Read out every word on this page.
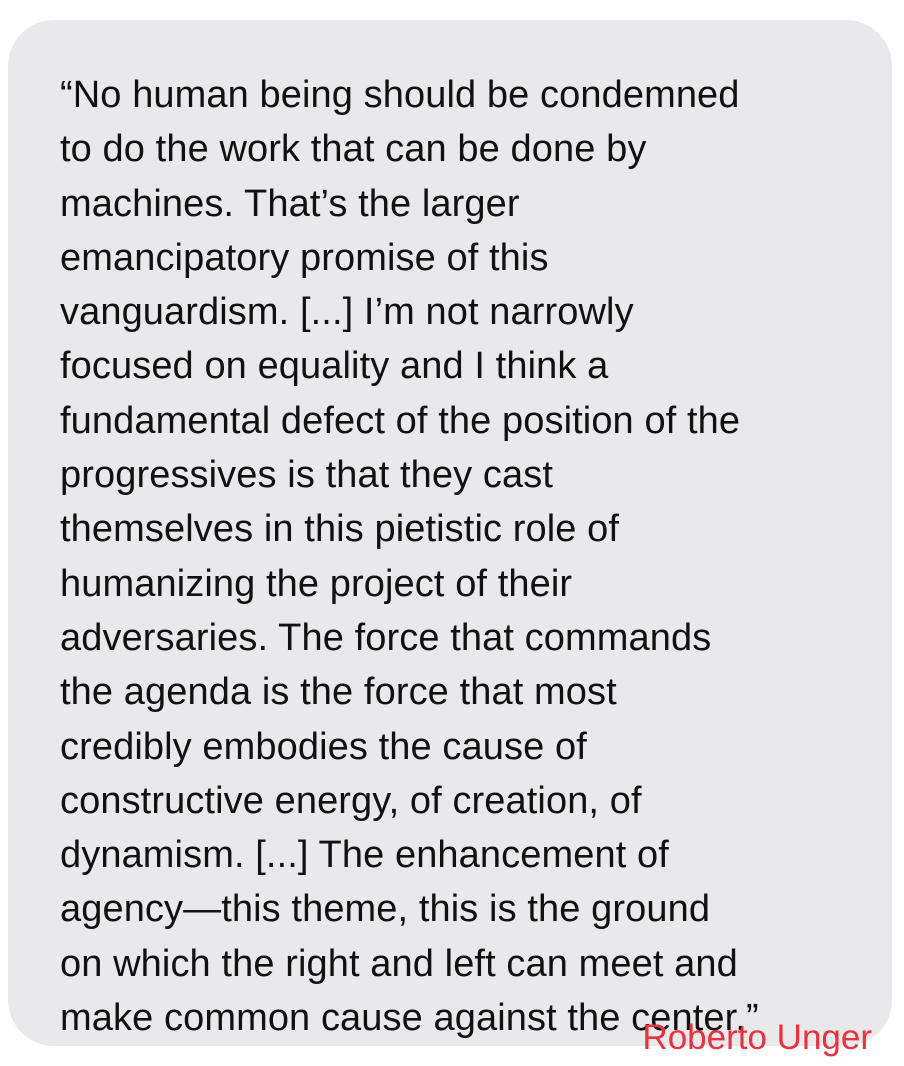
“No human being should be condemned
to do the work that can be done by
machines. That’s the larger
emancipatory promise of this
vanguardism. [...] I’m not narrowly
focused on equality and I think a
fundamental defect of the position of the
progressives is that they cast
themselves in this pietistic role of
humanizing the project of their
adversaries. The force that commands
the agenda is the force that most
credibly embodies the cause of
constructive energy, of creation, of
dynamism. [...] The enhancement of
agency—this theme, this is the ground
on which the right and left can meet and
make common cause against the center.”
Roberto Unger
